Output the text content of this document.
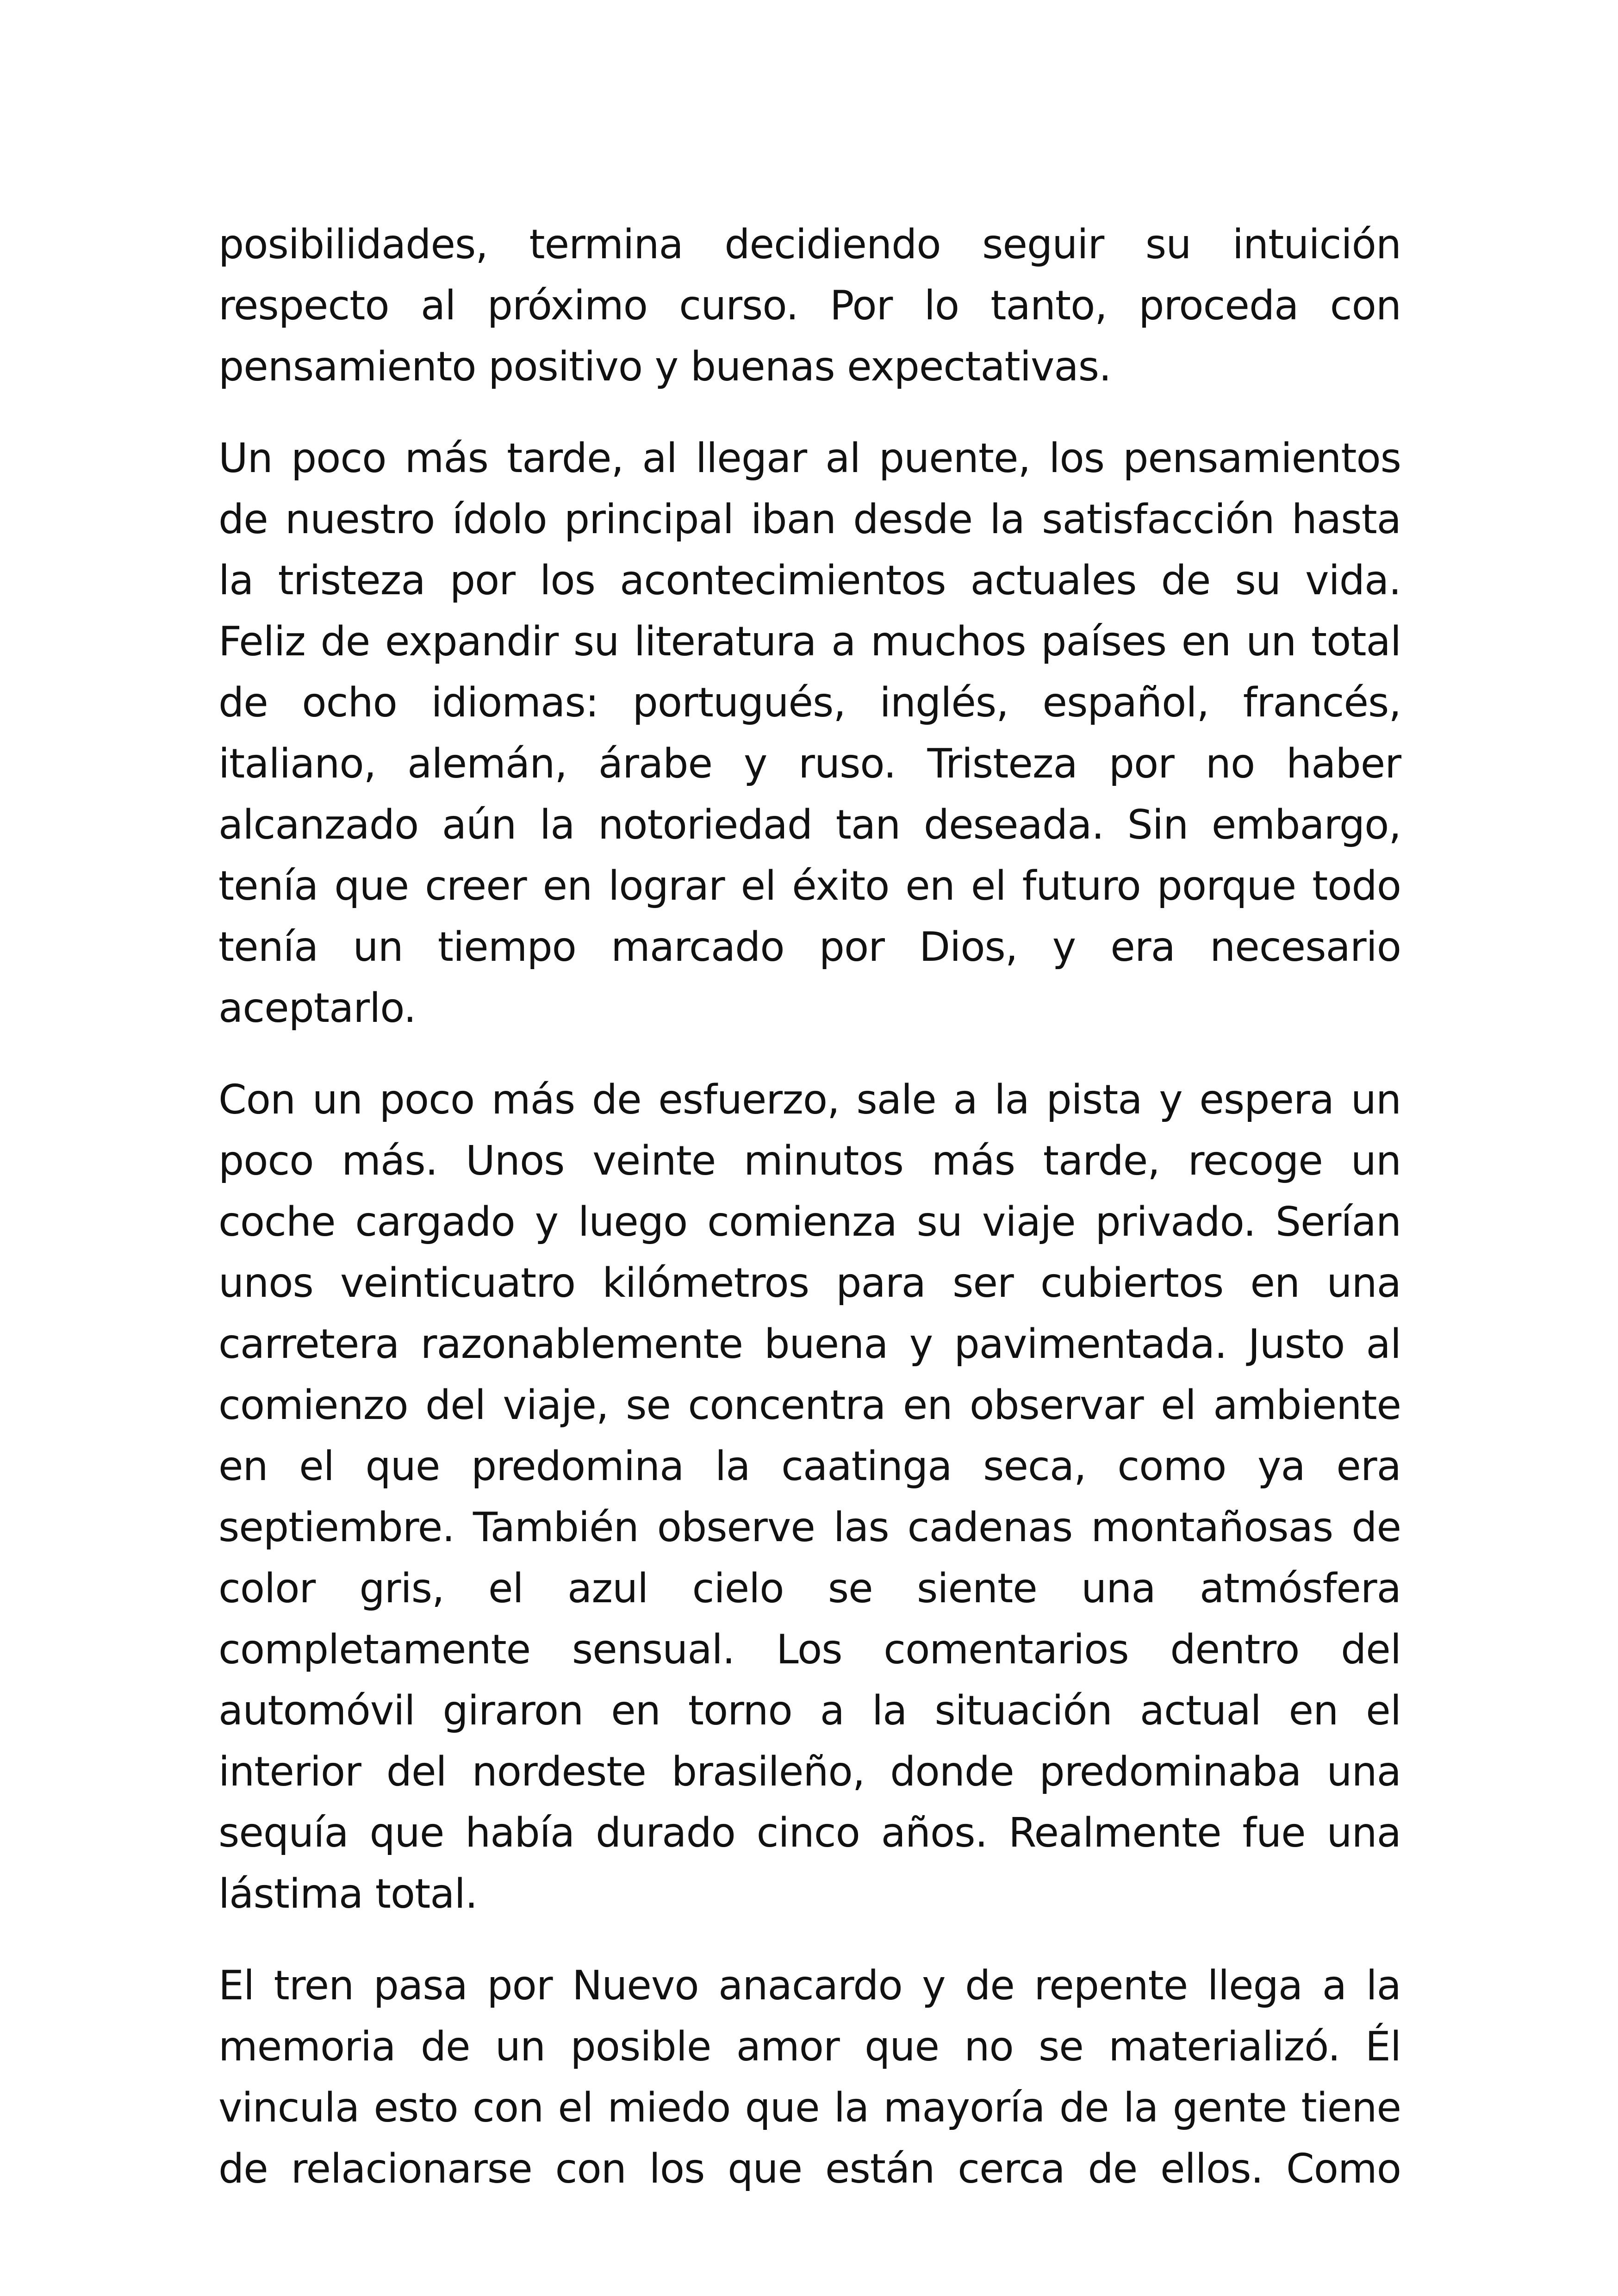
posibilidades, termina decidiendo seguir su intuición respecto al próximo curso. Por lo tanto, proceda con pensamiento positivo y buenas expectativas.

Un poco más tarde, al llegar al puente, los pensamientos de nuestro ídolo principal iban desde la satisfacción hasta la tristeza por los acontecimientos actuales de su vida. Feliz de expandir su literatura a muchos países en un total de ocho idiomas: portugués, inglés, español, francés, italiano, alemán, árabe y ruso. Tristeza por no haber alcanzado aún la notoriedad tan deseada. Sin embargo, tenía que creer en lograr el éxito en el futuro porque todo tenía un tiempo marcado por Dios, y era necesario aceptarlo.

Con un poco más de esfuerzo, sale a la pista y espera un poco más. Unos veinte minutos más tarde, recoge un coche cargado y luego comienza su viaje privado. Serían unos veinticuatro kilómetros para ser cubiertos en una carretera razonablemente buena y pavimentada. Justo al comienzo del viaje, se concentra en observar el ambiente en el que predomina la caatinga seca, como ya era septiembre. También observe las cadenas montañosas de color gris, el azul cielo se siente una atmósfera completamente sensual. Los comentarios dentro del automóvil giraron en torno a la situación actual en el interior del nordeste brasileño, donde predominaba una sequía que había durado cinco años. Realmente fue una lástima total.

El tren pasa por Nuevo anacardo y de repente llega a la memoria de un posible amor que no se materializó. Él vincula esto con el miedo que la mayoría de la gente tiene de relacionarse con los que están cerca de ellos. Como
